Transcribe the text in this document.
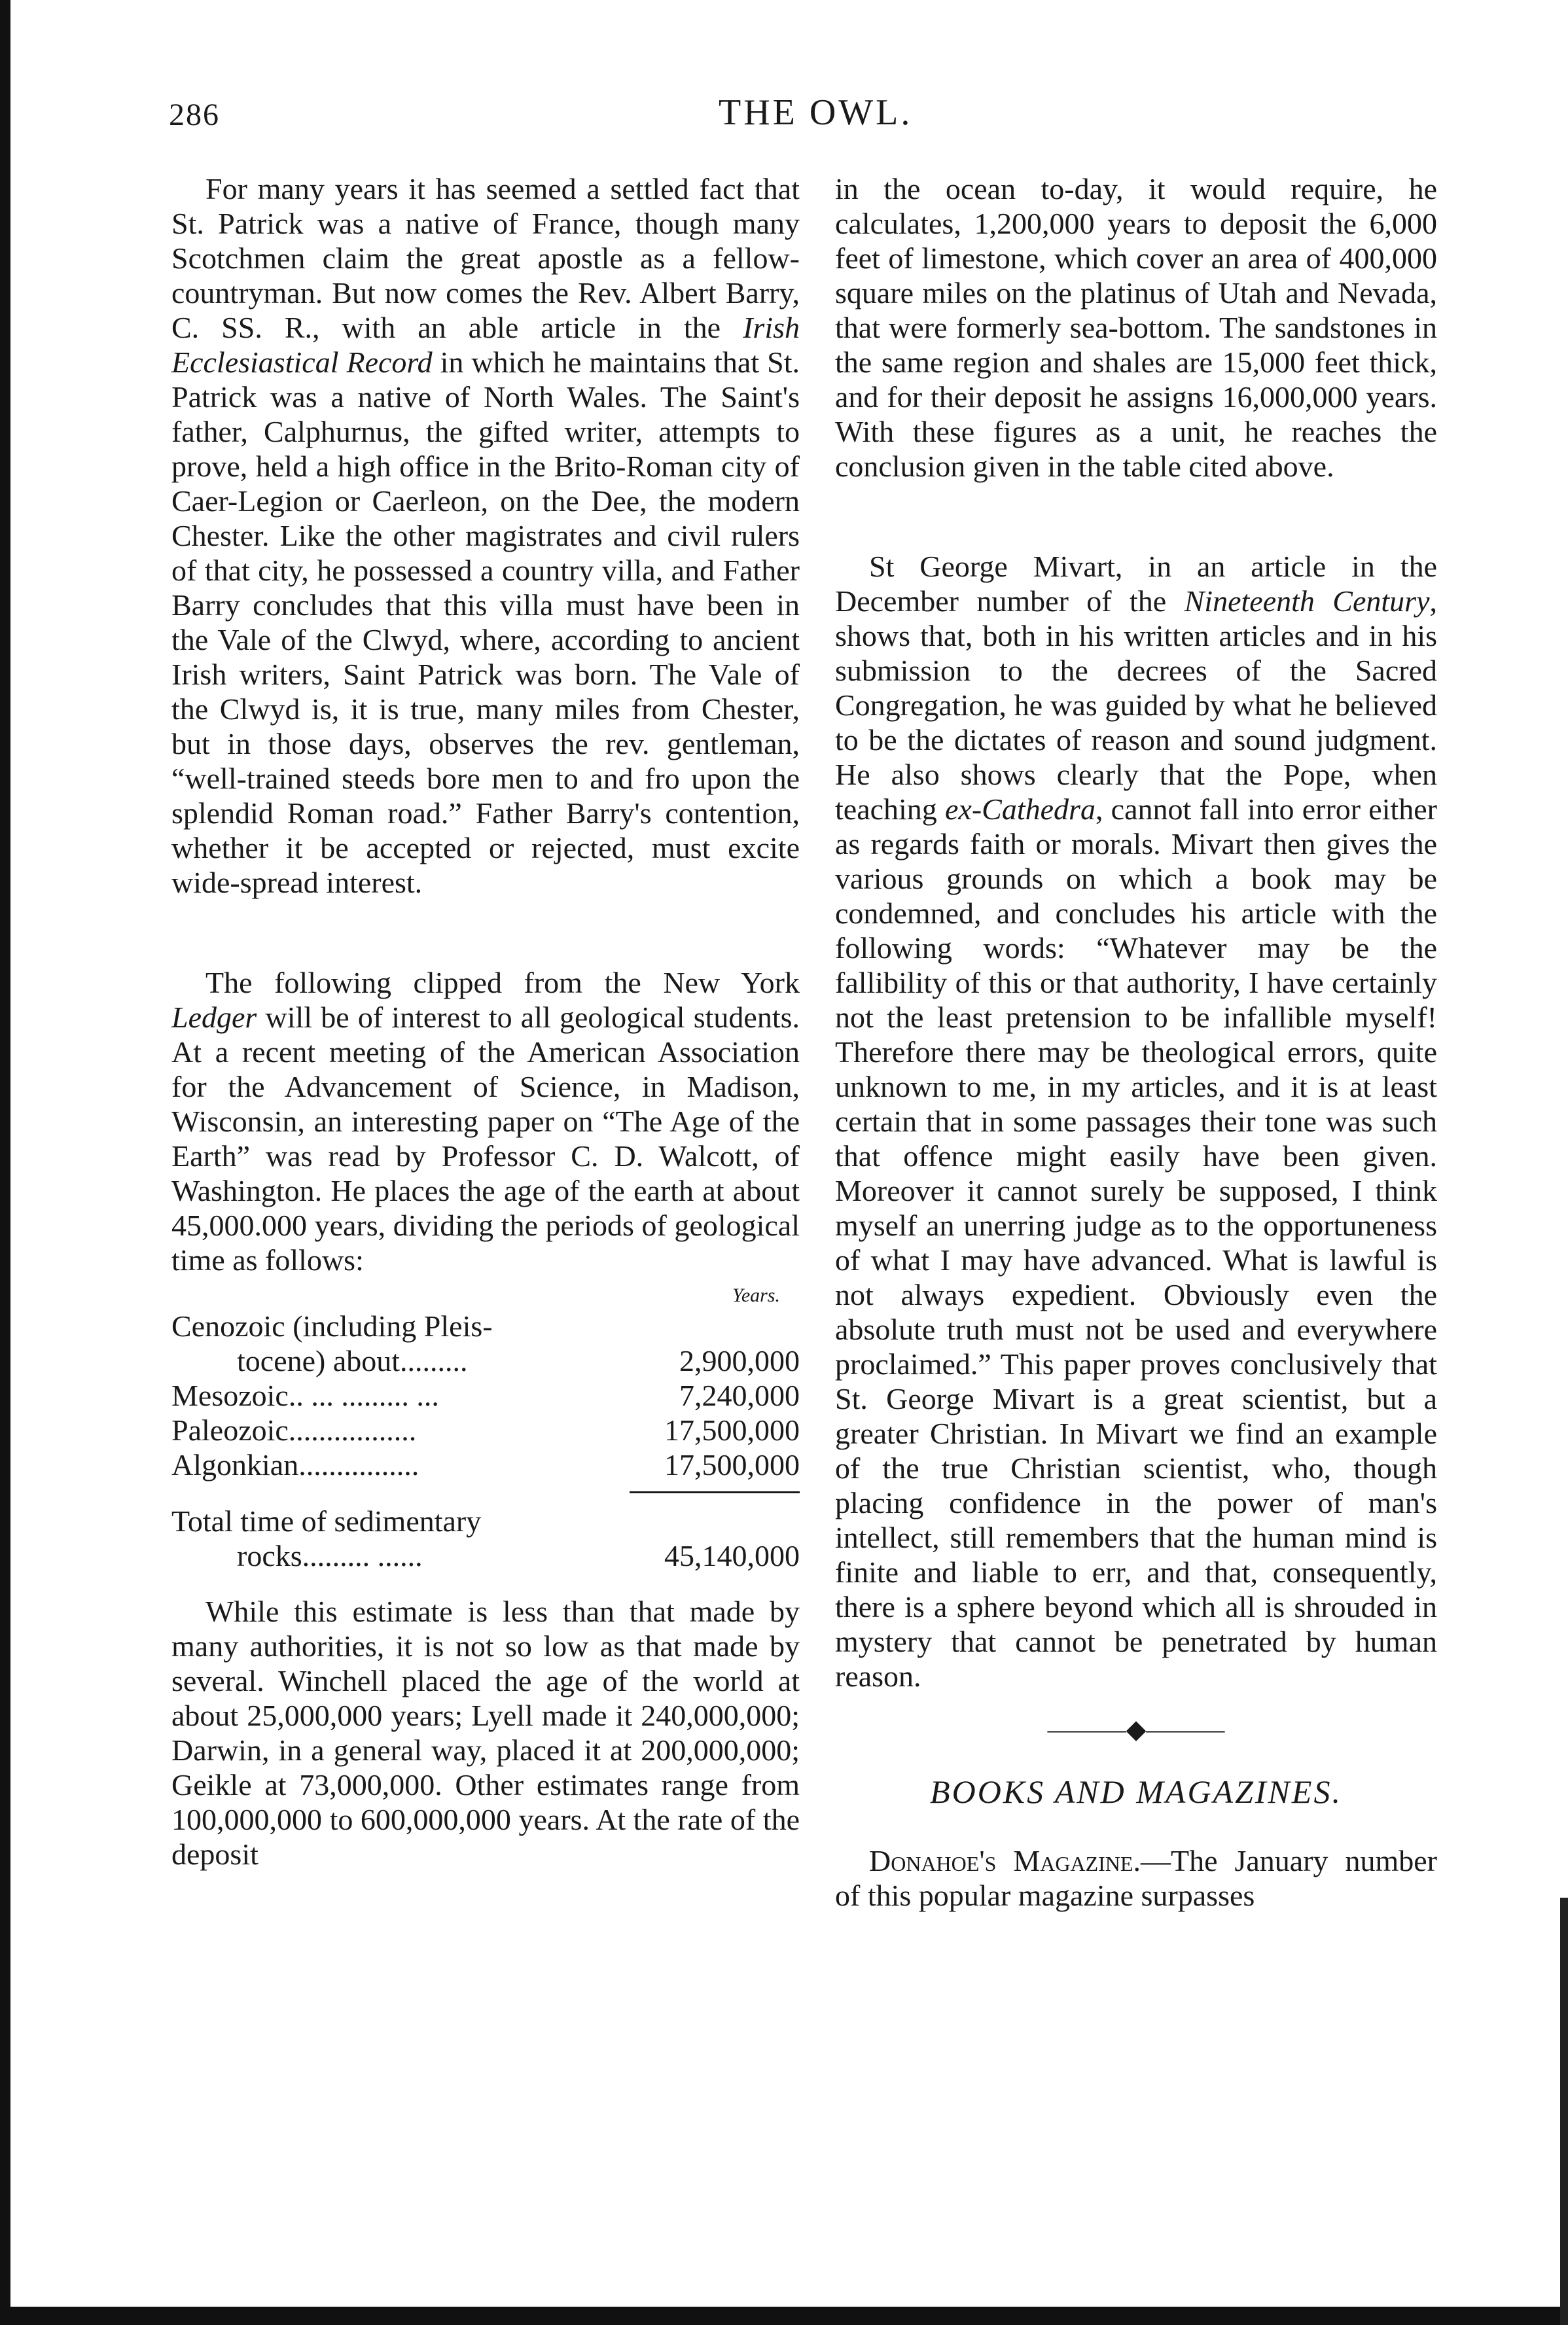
286	THE OWL.

For many years it has seemed a settled fact that St. Patrick was a native of France, though many Scotchmen claim the great apostle as a fellow-countryman. But now comes the Rev. Albert Barry, C. SS. R., with an able article in the Irish Ecclesiastical Record in which he maintains that St. Patrick was a native of North Wales. The Saint's father, Calphurnus, the gifted writer, attempts to prove, held a high office in the Brito-Roman city of Caer-Legion or Caerleon, on the Dee, the modern Chester. Like the other magistrates and civil rulers of that city, he possessed a country villa, and Father Barry concludes that this villa must have been in the Vale of the Clwyd, where, according to ancient Irish writers, Saint Patrick was born. The Vale of the Clwyd is, it is true, many miles from Chester, but in those days, observes the rev. gentleman, “well-trained steeds bore men to and fro upon the splendid Roman road.” Father Barry's contention, whether it be accepted or rejected, must excite wide-spread interest.

The following clipped from the New York Ledger will be of interest to all geological students. At a recent meeting of the American Association for the Advancement of Science, in Madison, Wisconsin, an interesting paper on “The Age of the Earth” was read by Professor C. D. Walcott, of Washington. He places the age of the earth at about 45,000.000 years, dividing the periods of geological time as follows:

Years.
Cenozoic (including Pleis-
tocene) about.........	2,900,000
Mesozoic.. ... ......... ...	7,240,000
Paleozoic.................	17,500,000
Algonkian................	17,500,000
Total time of sedimentary
rocks......... ......	45,140,000

While this estimate is less than that made by many authorities, it is not so low as that made by several. Winchell placed the age of the world at about 25,000,000 years; Lyell made it 240,000,000; Darwin, in a general way, placed it at 200,000,000; Geikle at 73,000,000. Other estimates range from 100,000,000 to 600,000,000 years. At the rate of the deposit

in the ocean to-day, it would require, he calculates, 1,200,000 years to deposit the 6,000 feet of limestone, which cover an area of 400,000 square miles on the platinus of Utah and Nevada, that were formerly sea-bottom. The sandstones in the same region and shales are 15,000 feet thick, and for their deposit he assigns 16,000,000 years. With these figures as a unit, he reaches the conclusion given in the table cited above.

St George Mivart, in an article in the December number of the Nineteenth Century, shows that, both in his written articles and in his submission to the decrees of the Sacred Congregation, he was guided by what he believed to be the dictates of reason and sound judgment. He also shows clearly that the Pope, when teaching ex-Cathedra, cannot fall into error either as regards faith or morals. Mivart then gives the various grounds on which a book may be condemned, and concludes his article with the following words: “Whatever may be the fallibility of this or that authority, I have certainly not the least pretension to be infallible myself! Therefore there may be theological errors, quite unknown to me, in my articles, and it is at least certain that in some passages their tone was such that offence might easily have been given. Moreover it cannot surely be supposed, I think myself an unerring judge as to the opportuneness of what I may have advanced. What is lawful is not always expedient. Obviously even the absolute truth must not be used and everywhere proclaimed.” This paper proves conclusively that St. George Mivart is a great scientist, but a greater Christian. In Mivart we find an example of the true Christian scientist, who, though placing confidence in the power of man's intellect, still remembers that the human mind is finite and liable to err, and that, consequently, there is a sphere beyond which all is shrouded in mystery that cannot be penetrated by human reason.

———◆———
BOOKS AND MAGAZINES.

Donahoe's Magazine.—The January number of this popular magazine surpasses
